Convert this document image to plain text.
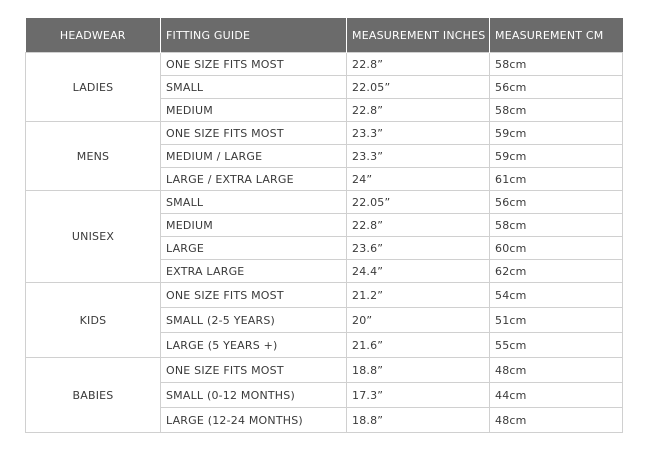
HEADWEAR	FITTING GUIDE	MEASUREMENT INCHES	MEASUREMENT CM
LADIES	ONE SIZE FITS MOST	22.8”	58cm
	SMALL	22.05”	56cm
	MEDIUM	22.8”	58cm
MENS	ONE SIZE FITS MOST	23.3”	59cm
	MEDIUM / LARGE	23.3”	59cm
	LARGE / EXTRA LARGE	24”	61cm
UNISEX	SMALL	22.05”	56cm
	MEDIUM	22.8”	58cm
	LARGE	23.6”	60cm
	EXTRA LARGE	24.4”	62cm
KIDS	ONE SIZE FITS MOST	21.2”	54cm
	SMALL (2-5 YEARS)	20”	51cm
	LARGE (5 YEARS +)	21.6”	55cm
BABIES	ONE SIZE FITS MOST	18.8”	48cm
	SMALL (0-12 MONTHS)	17.3”	44cm
	LARGE (12-24 MONTHS)	18.8”	48cm
